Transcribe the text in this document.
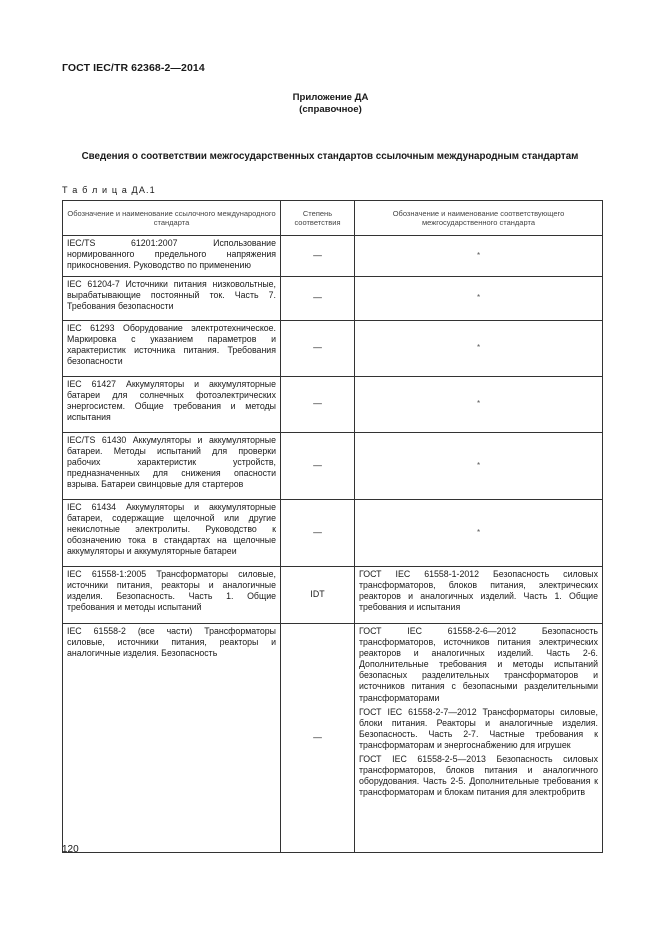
ГОСТ IEC/TR 62368-2—2014
Приложение ДА
(справочное)
Сведения о соответствии межгосударственных стандартов ссылочным международным стандартам
Т а б л и ц а ДА.1
Обозначение и наименование ссылочного международного стандарта	Степень соответствия	Обозначение и наименование соответствующего межгосударственного стандарта
IEC/TS 61201:2007 Использование нормированного предельного напряжения прикосновения. Руководство по применению	—	*
IEC 61204-7 Источники питания низковольтные, вырабатывающие постоянный ток. Часть 7. Требования безопасности	—	*
IEC 61293 Оборудование электротехническое. Маркировка с указанием параметров и характеристик источника питания. Требования безопасности	—	*
IEC 61427 Аккумуляторы и аккумуляторные батареи для солнечных фотоэлектрических энергосистем. Общие требования и методы испытания	—	*
IEC/TS 61430 Аккумуляторы и аккумуляторные батареи. Методы испытаний для проверки рабочих характеристик устройств, предназначенных для снижения опасности взрыва. Батареи свинцовые для стартеров	—	*
IEC 61434 Аккумуляторы и аккумуляторные батареи, содержащие щелочной или другие некислотные электролиты. Руководство к обозначению тока в стандартах на щелочные аккумуляторы и аккумуляторные батареи	—	*
IEC 61558-1:2005 Трансформаторы силовые, источники питания, реакторы и аналогичные изделия. Безопасность. Часть 1. Общие требования и методы испытаний	IDT	ГОСТ IEC 61558-1-2012 Безопасность силовых трансформаторов, блоков питания, электрических реакторов и аналогичных изделий. Часть 1. Общие требования и испытания

IEC 61558-2 (все части) Трансформаторы силовые, источники питания, реакторы и аналогичные изделия. Безопасность	—	ГОСТ IEC 61558-2-6—2012 Безопасность трансформаторов, источников питания электрических реакторов и аналогичных изделий. Часть 2-6. Дополнительные требования и методы испытаний безопасных разделительных трансформаторов и источников питания с безопасными разделительными трансформаторами
ГОСТ IEC 61558-2-7—2012 Трансформаторы силовые, блоки питания. Реакторы и аналогичные изделия. Безопасность. Часть 2-7. Частные требования к трансформаторам и энергоснабжению для игрушек
ГОСТ IEC 61558-2-5—2013 Безопасность силовых трансформаторов, блоков питания и аналогичного оборудования. Часть 2-5. Дополнительные требования к трансформаторам и блокам питания для электробритв
120
